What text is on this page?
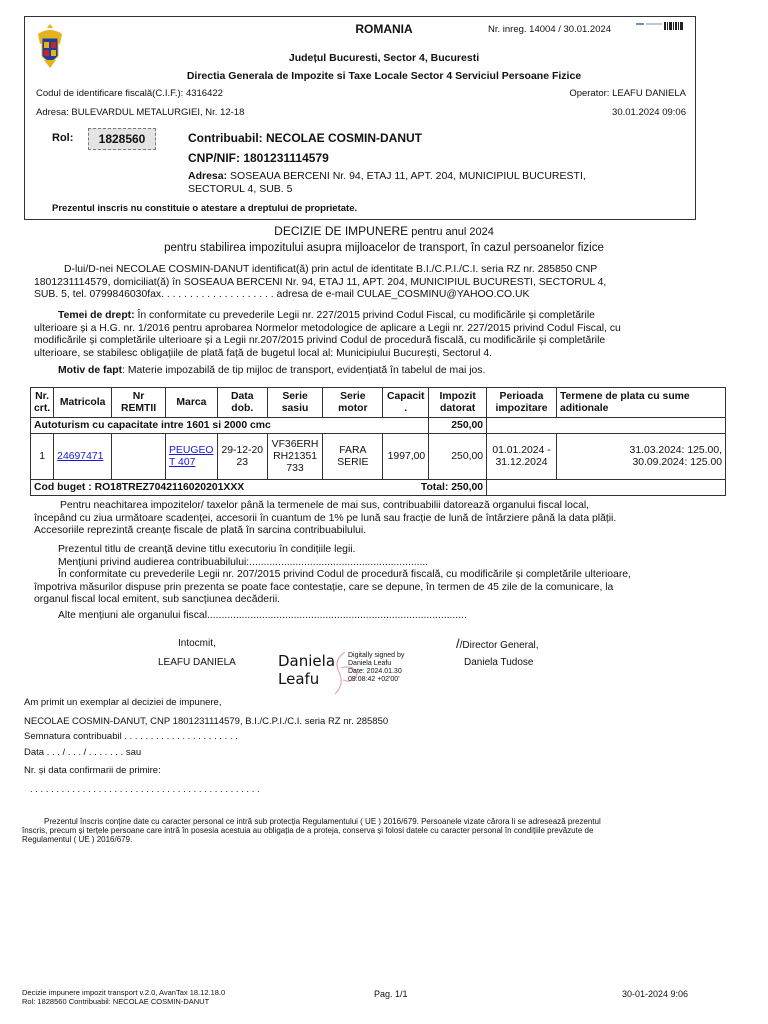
ROMANIA	Nr. inreg. 14004 / 30.01.2024
Județul Bucuresti, Sector 4, Bucuresti
Directia Generala de Impozite si Taxe Locale Sector 4 Serviciul Persoane Fizice
Codul de identificare fiscală(C.I.F.): 4316422	Operator: LEAFU DANIELA
Adresa: BULEVARDUL METALURGIEI, Nr. 12-18	30.01.2024 09:06
Rol:	1828560	Contribuabil: NECOLAE COSMIN-DANUT
CNP/NIF: 1801231114579
Adresa: SOSEAUA BERCENI Nr. 94, ETAJ 11, APT. 204, MUNICIPIUL BUCURESTI,
SECTORUL 4, SUB. 5
Prezentul inscris nu constituie o atestare a dreptului de proprietate.
DECIZIE DE IMPUNERE pentru anul 2024
pentru stabilirea impozitului asupra mijloacelor de transport, în cazul persoanelor fizice
D-lui/D-nei NECOLAE COSMIN-DANUT identificat(ă) prin actul de identitate B.I./C.P.I./C.I. seria RZ nr. 285850 CNP
1801231114579, domiciliat(ă) în SOSEAUA BERCENI Nr. 94, ETAJ 11, APT. 204, MUNICIPIUL BUCURESTI, SECTORUL 4,
SUB. 5, tel. 0799846030fax. . . . . . . . . . . . . . . . . . . . adresa de e-mail CULAE_COSMINU@YAHOO.CO.UK
Temei de drept: În conformitate cu prevederile Legii nr. 227/2015 privind Codul Fiscal, cu modificările și completările
ulterioare și a H.G. nr. 1/2016 pentru aprobarea Normelor metodologice de aplicare a Legii nr. 227/2015 privind Codul Fiscal, cu
modificările și completările ulterioare și a Legii nr.207/2015 privind Codul de procedură fiscală, cu modificările și completările
ulterioare, se stabilesc obligațiile de plată față de bugetul local al: Municipiului București, Sectorul 4.
Motiv de fapt: Materie impozabilă de tip mijloc de transport, evidențiată în tabelul de mai jos.
Nr. crt.	Matricola	Nr REMTII	Marca	Data dob.	Serie sasiu	Serie motor	Capacit .	Impozit datorat	Perioada impozitare	Termene de plata cu sume aditionale
Autoturism cu capacitate intre 1601 si 2000 cmc								250,00		
1	24697471		PEUGEOT 407	29-12-2023	VF36ERHRH21351733	FARA SERIE	1997,00	250,00	01.01.2024 - 31.12.2024	31.03.2024: 125.00,
30.09.2024: 125.00

Cod buget : RO18TREZ7042116020201XXX					Total: 250,00					
Pentru neachitarea impozitelor/ taxelor până la termenele de mai sus, contribuabilii datorează organului fiscal local,
începând cu ziua următoare scadenței, accesorii în cuantum de 1% pe lună sau fracție de lună de întârziere până la data plății.
Accesoriile reprezintă creanțe fiscale de plată în sarcina contribuabilului.
Prezentul titlu de creanță devine titlu executoriu în condițiile legii.
Mențiuni privind audierea contribuabilului:..............................................................
În conformitate cu prevederile Legii nr. 207/2015 privind Codul de procedură fiscală, cu modificările și completările ulterioare,
împotriva măsurilor dispuse prin prezenta se poate face contestație, care se depune, în termen de 45 zile de la comunicare, la
organul fiscal local emitent, sub sancțiunea decăderii.
Alte mențiuni ale organului fiscal..........................................................................................
Intocmit,
LEAFU DANIELA	Daniela
Leafu
Digitally signed by
Daniela Leafu
Date: 2024.01.30
09:08:42 +02'00'
//Director General,
Daniela Tudose
Am primit un exemplar al deciziei de impunere,
NECOLAE COSMIN-DANUT, CNP 1801231114579, B.I./C.P.I./C.I. seria RZ nr. 285850
Semnatura contribuabil . . . . . . . . . . . . . . . . . . . . . .
Data . . . / . . . / . . . . . . . sau
Nr. și data confirmarii de primire:
. . . . . . . . . . . . . . . . . . . . . . . . . . . . . . . . . . . . . . . . . . . .
Prezentul înscris conține date cu caracter personal ce intră sub protecția Regulamentului ( UE ) 2016/679. Persoanele vizate cărora li se adresează prezentul
înscris, precum și terțele persoane care intră în posesia acestuia au obligația de a proteja, conserva și folosi datele cu caracter personal în condițiile prevăzute de
Regulamentul ( UE ) 2016/679.
Decizie impunere impozit transport v.2.0, AvanTax 18.12.18.0
Rol: 1828560 Contribuabil: NECOLAE COSMIN-DANUT
Pag. 1/1	30-01-2024 9:06
